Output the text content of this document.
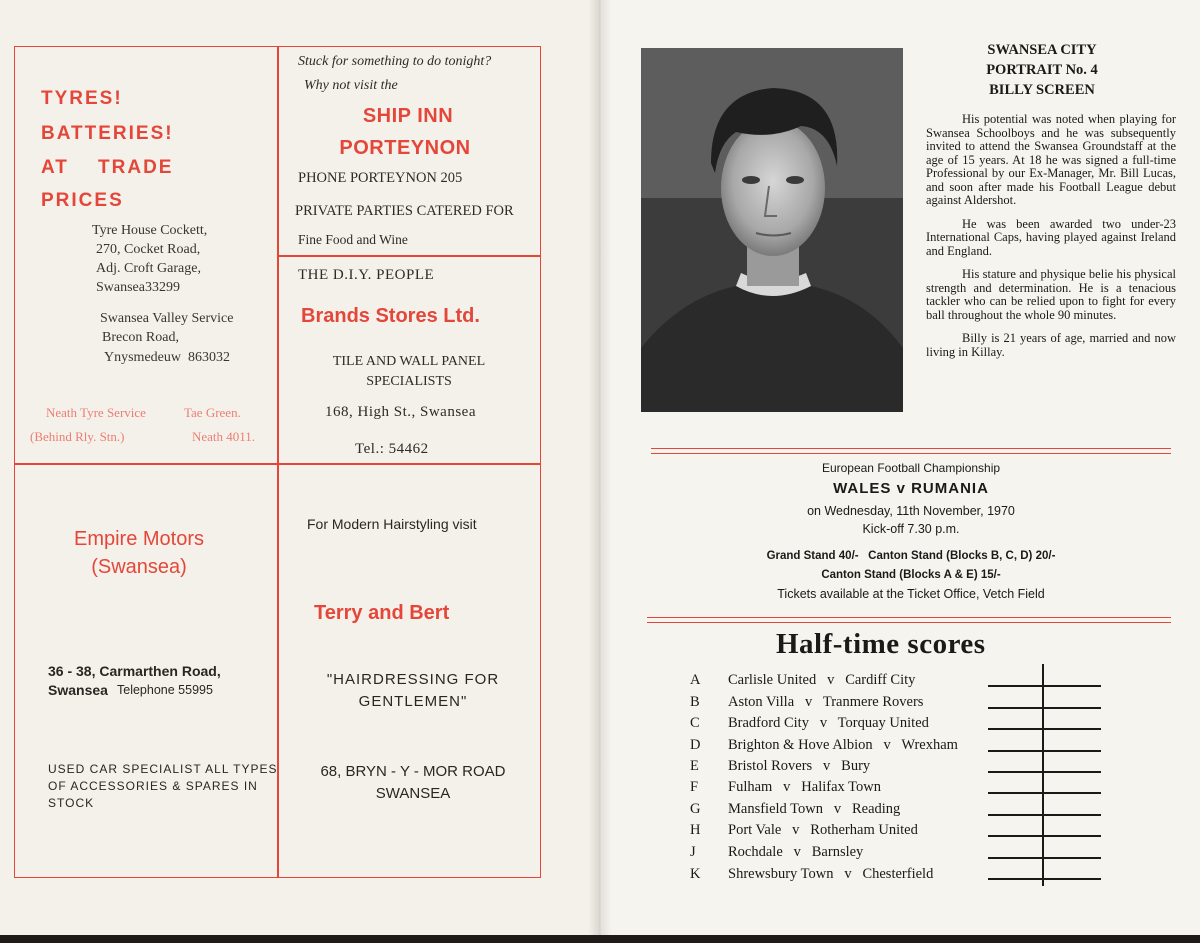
TYRES!
BATTERIES!
AT    TRADE
PRICES
Tyre House Cockett,
270, Cocket Road,
Adj. Croft Garage,
Swansea33299
Swansea Valley Service
Brecon Road,
Ynysmedeuw  863032
Neath Tyre Service	Tae Green.
(Behind Rly. Stn.)	Neath 4011.
Stuck for something to do tonight?
Why not visit the
SHIP INN
PORTEYNON
PHONE PORTEYNON 205
PRIVATE PARTIES CATERED FOR
Fine Food and Wine
THE D.I.Y. PEOPLE
Brands Stores Ltd.
TILE AND WALL PANEL SPECIALISTS
168, High St., Swansea
Tel.: 54462
Empire Motors (Swansea)
36 - 38, Carmarthen Road,
Swansea Telephone 55995
USED CAR SPECIALIST ALL TYPES OF ACCESSORIES & SPARES IN STOCK
For Modern Hairstyling visit
Terry and Bert
"HAIRDRESSING FOR GENTLEMEN"
68, BRYN - Y - MOR ROAD SWANSEA
SWANSEA CITY
PORTRAIT No. 4
BILLY SCREEN

His potential was noted when playing for Swansea Schoolboys and he was subsequently invited to attend the Swansea Groundstaff at the age of 15 years. At 18 he was signed a full-time Professional by our Ex-Manager, Mr. Bill Lucas, and soon after made his Football League debut against Aldershot.

He was been awarded two under-23 International Caps, having played against Ireland and England.

His stature and physique belie his physical strength and determination. He is a tenacious tackler who can be relied upon to fight for every ball throughout the whole 90 minutes.

Billy is 21 years of age, married and now living in Killay.

European Football Championship
WALES v RUMANIA
on Wednesday, 11th November, 1970
Kick-off 7.30 p.m.
Grand Stand 40/-   Canton Stand (Blocks B, C, D) 20/-
Canton Stand (Blocks A & E) 15/-
Tickets available at the Ticket Office, Vetch Field
Half-time scores
A	Carlisle United   v   Cardiff City
B	Aston Villa   v   Tranmere Rovers
C	Bradford City   v   Torquay United
D	Brighton & Hove Albion   v   Wrexham
E	Bristol Rovers   v   Bury
F	Fulham   v   Halifax Town
G	Mansfield Town   v   Reading
H	Port Vale   v   Rotherham United
J	Rochdale   v   Barnsley
K	Shrewsbury Town   v   Chesterfield
